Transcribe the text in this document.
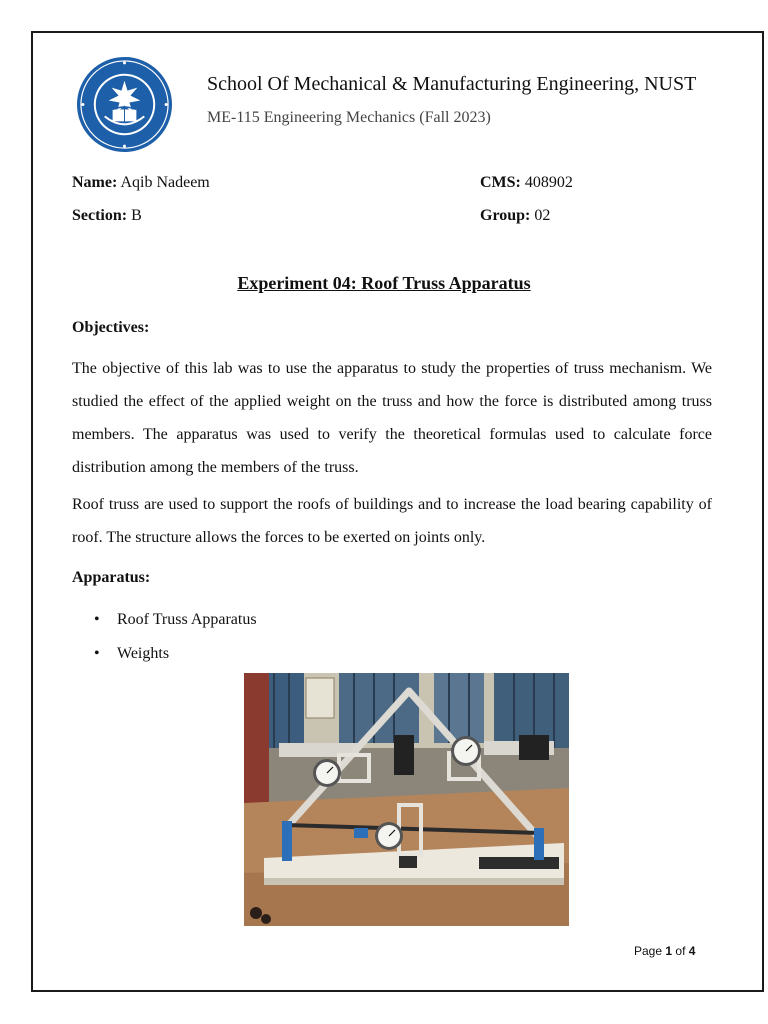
School Of Mechanical & Manufacturing Engineering, NUST
ME-115 Engineering Mechanics (Fall 2023)
Name: Aqib Nadeem	CMS: 408902
Section: B	Group: 02
Experiment 04: Roof Truss Apparatus
Objectives:

The objective of this lab was to use the apparatus to study the properties of truss mechanism. We studied the effect of the applied weight on the truss and how the force is distributed among truss members. The apparatus was used to verify the theoretical formulas used to calculate force distribution among the members of the truss.

Roof truss are used to support the roofs of buildings and to increase the load bearing capability of roof. The structure allows the forces to be exerted on joints only.

Apparatus:
• Roof Truss Apparatus
• Weights
Page 1 of 4
